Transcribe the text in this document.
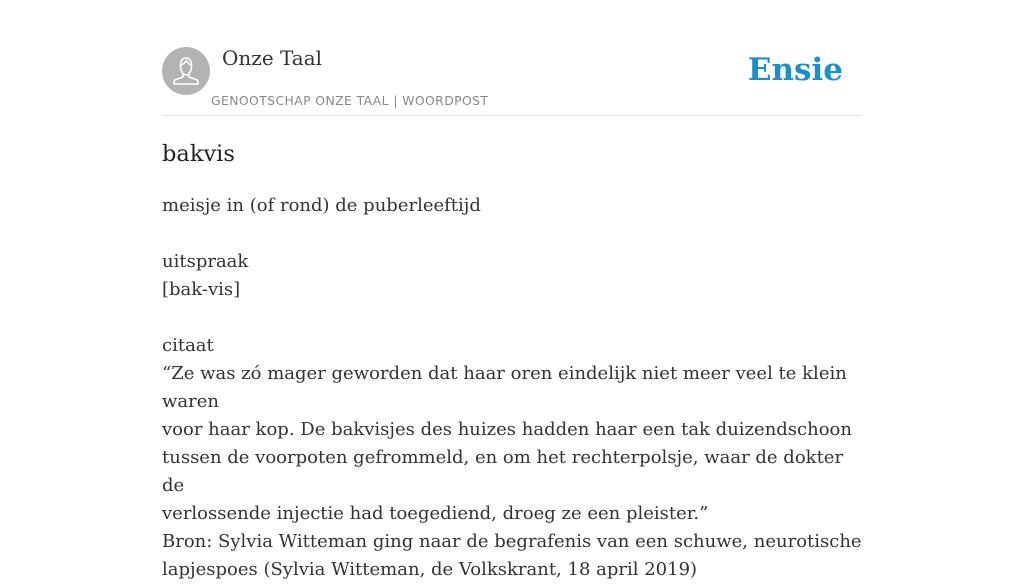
Onze Taal
GENOOTSCHAP ONZE TAAL | WOORDPOST
Ensie
bakvis

meisje in (of rond) de puberleeftijd

uitspraak

[bak-vis]

citaat

“Ze was zó mager geworden dat haar oren eindelijk niet meer veel te klein waren

voor haar kop. De bakvisjes des huizes hadden haar een tak duizendschoon

tussen de voorpoten gefrommeld, en om het rechterpolsje, waar de dokter de

verlossende injectie had toegediend, droeg ze een pleister.”

Bron: Sylvia Witteman ging naar de begrafenis van een schuwe, neurotische

lapjespoes (Sylvia Witteman, de Volkskrant, 18 april 2019)
